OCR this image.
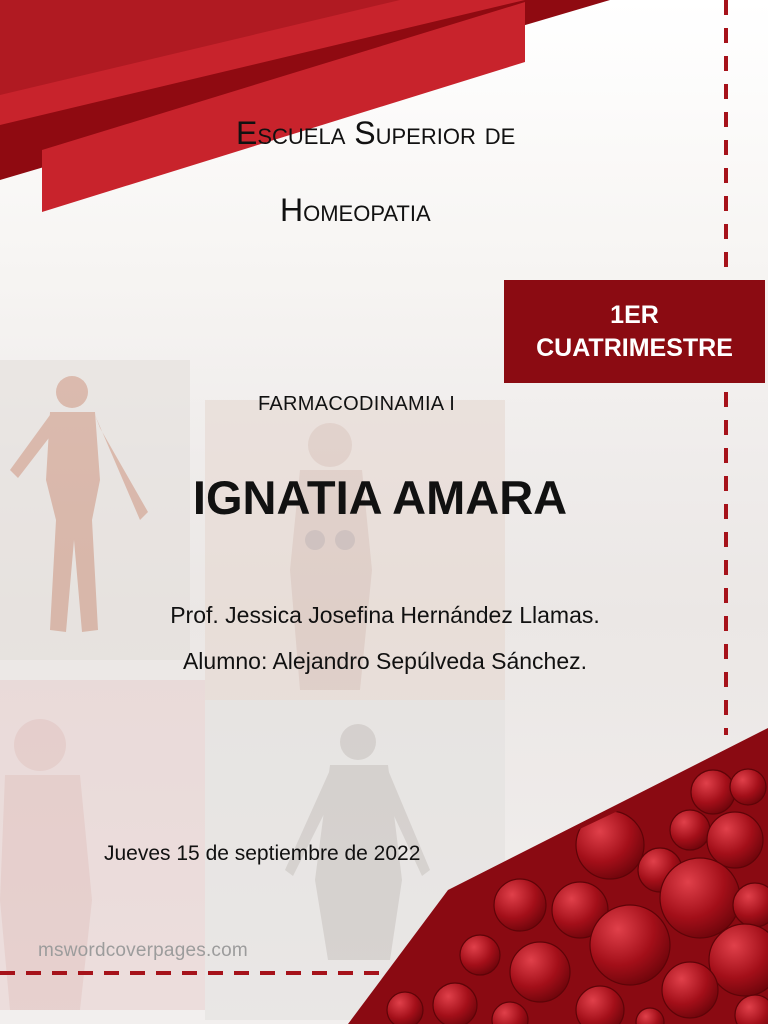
Escuela Superior de
Homeopatia
1ER
CUATRIMESTRE

FARMACODINAMIA I

IGNATIA AMARA

Prof. Jessica Josefina Hernández Llamas.

Alumno: Alejandro Sepúlveda Sánchez.

Jueves 15 de septiembre de 2022

mswordcoverpages.com
